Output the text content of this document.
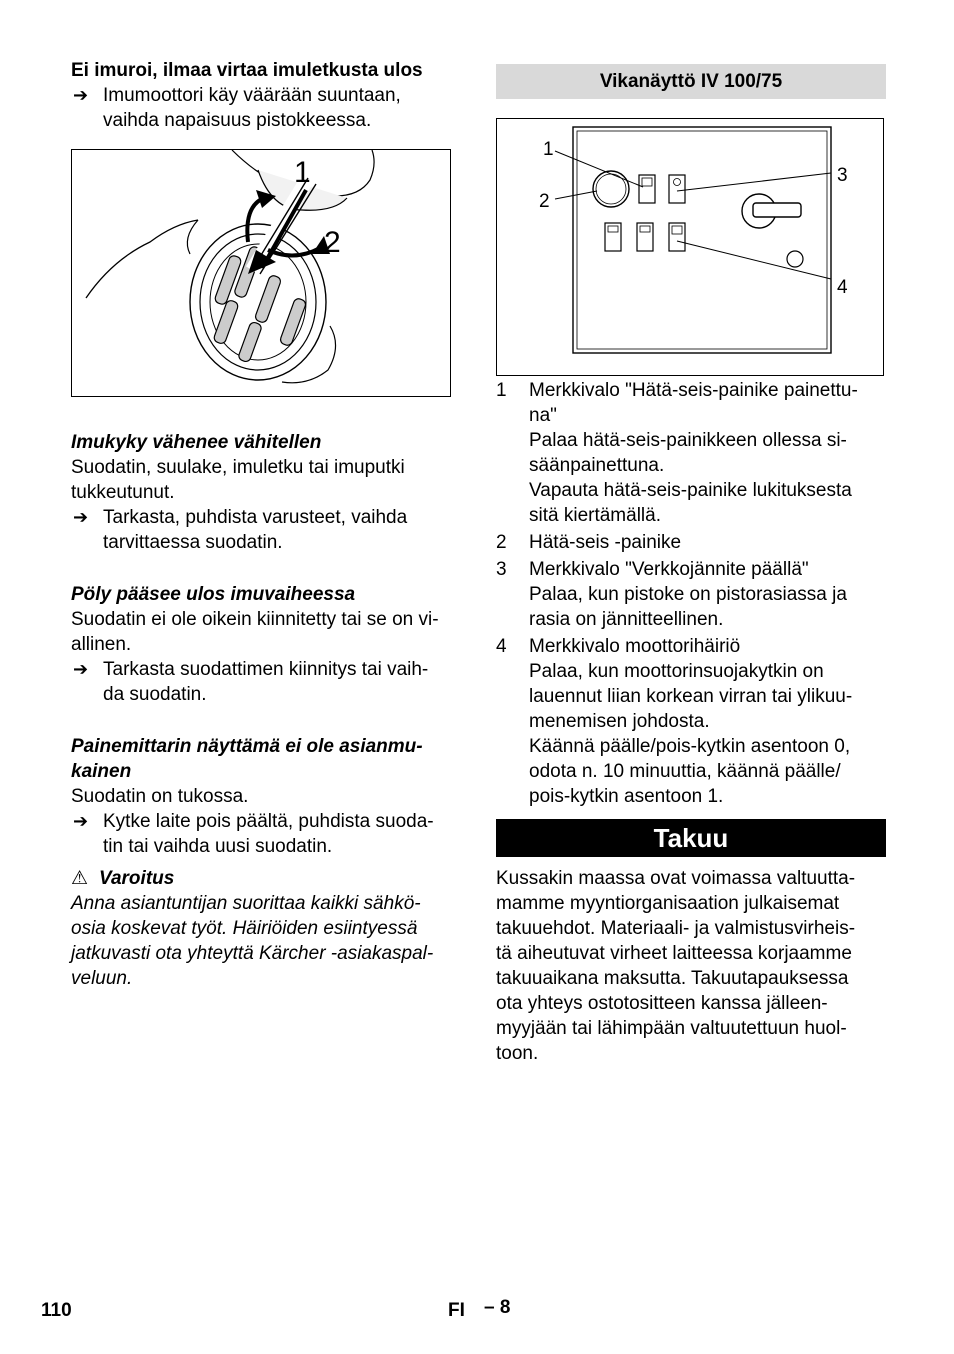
Ei imuroi, ilmaa virtaa imuletkusta ulos

➔ Imumoottori käy väärään suuntaan,

vaihda napaisuus pistokkeessa.

1
2

Imukyky vähenee vähitellen

Suodatin, suulake, imuletku tai imuputki

tukkeutunut.

➔ Tarkasta, puhdista varusteet, vaihda

tarvittaessa suodatin.

Pöly pääsee ulos imuvaiheessa

Suodatin ei ole oikein kiinnitetty tai se on vi-

allinen.

➔ Tarkasta suodattimen kiinnitys tai vaih-

da suodatin.

Painemittarin näyttämä ei ole asianmu-

kainen

Suodatin on tukossa.

➔ Kytke laite pois päältä, puhdista suoda-

tin tai vaihda uusi suodatin.

⚠ Varoitus

Anna asiantuntijan suorittaa kaikki sähkö-

osia koskevat työt. Häiriöiden esiintyessä

jatkuvasti ota yhteyttä Kärcher -asiakaspal-

veluun.

Vikanäyttö IV 100/75
1
2
3
4
1 Merkkivalo "Hätä-seis-painike painettu-

na"

Palaa hätä-seis-painikkeen ollessa si-

säänpainettuna.

Vapauta hätä-seis-painike lukituksesta

sitä kiertämällä.

2 Hätä-seis -painike

3 Merkkivalo "Verkkojännite päällä"

Palaa, kun pistoke on pistorasiassa ja

rasia on jännitteellinen.

4 Merkkivalo moottorihäiriö

Palaa, kun moottorinsuojakytkin on

lauennut liian korkean virran tai ylikuu-

menemisen johdosta.

Käännä päälle/pois-kytkin asentoon 0,

odota n. 10 minuuttia, käännä päälle/

pois-kytkin asentoon 1.

Takuu

Kussakin maassa ovat voimassa valtuutta-

mamme myyntiorganisaation julkaisemat

takuuehdot. Materiaali- ja valmistusvirheis-

tä aiheutuvat virheet laitteessa korjaamme

takuuaikana maksutta. Takuutapauksessa

ota yhteys ostotositteen kanssa jälleen-

myyjään tai lähimpään valtuutettuun huol-

toon.

110	FI – 8
